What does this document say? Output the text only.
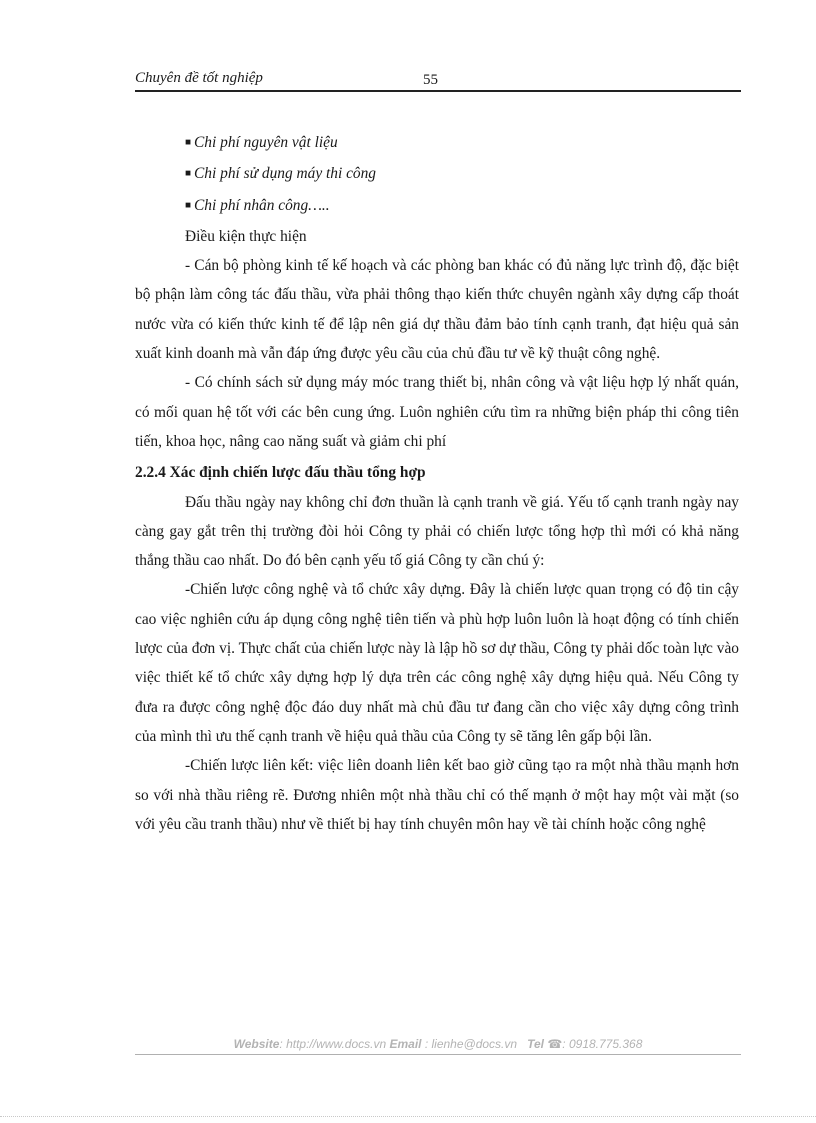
Chuyên đề tốt nghiệp	55
■ Chi phí nguyên vật liệu
■ Chi phí sử dụng máy thi công
■ Chi phí nhân công…..

Điều kiện thực hiện

- Cán bộ phòng kinh tế kế hoạch và các phòng ban khác có đủ năng lực trình độ, đặc biệt bộ phận làm công tác đấu thầu, vừa phải thông thạo kiến thức chuyên ngành xây dựng cấp thoát nước vừa có kiến thức kinh tế để lập nên giá dự thầu đảm bảo tính cạnh tranh, đạt hiệu quả sản xuất kinh doanh mà vẫn đáp ứng được yêu cầu của chủ đầu tư về kỹ thuật công nghệ.

- Có chính sách sử dụng máy móc trang thiết bị, nhân công và vật liệu hợp lý nhất quán, có mối quan hệ tốt với các bên cung ứng. Luôn nghiên cứu tìm ra những biện pháp thi công tiên tiến, khoa học, nâng cao năng suất và giảm chi phí

2.2.4 Xác định chiến lược đấu thầu tổng hợp

Đấu thầu ngày nay không chỉ đơn thuần là cạnh tranh về giá. Yếu tố cạnh tranh ngày nay càng gay gắt trên thị trường đòi hỏi Công ty phải có chiến lược tổng hợp thì mới có khả năng thắng thầu cao nhất. Do đó bên cạnh yếu tố giá Công ty cần chú ý:

-Chiến lược công nghệ và tổ chức xây dựng. Đây là chiến lược quan trọng có độ tin cậy cao việc nghiên cứu áp dụng công nghệ tiên tiến và phù hợp luôn luôn là hoạt động có tính chiến lược của đơn vị. Thực chất của chiến lược này là lập hồ sơ dự thầu, Công ty phải dốc toàn lực vào việc thiết kế tổ chức xây dựng hợp lý dựa trên các công nghệ xây dựng hiệu quả. Nếu Công ty đưa ra được công nghệ độc đáo duy nhất mà chủ đầu tư đang cần cho việc xây dựng công trình của mình thì ưu thế cạnh tranh về hiệu quả thầu của Công ty sẽ tăng lên gấp bội lần.

-Chiến lược liên kết: việc liên doanh liên kết bao giờ cũng tạo ra một nhà thầu mạnh hơn so với nhà thầu riêng rẽ. Đương nhiên một nhà thầu chỉ có thế mạnh ở một hay một vài mặt (so với yêu cầu tranh thầu) như về thiết bị hay tính chuyên môn hay về tài chính hoặc công nghệ

Website: http://www.docs.vn Email : lienhe@docs.vn Tel ☎: 0918.775.368
